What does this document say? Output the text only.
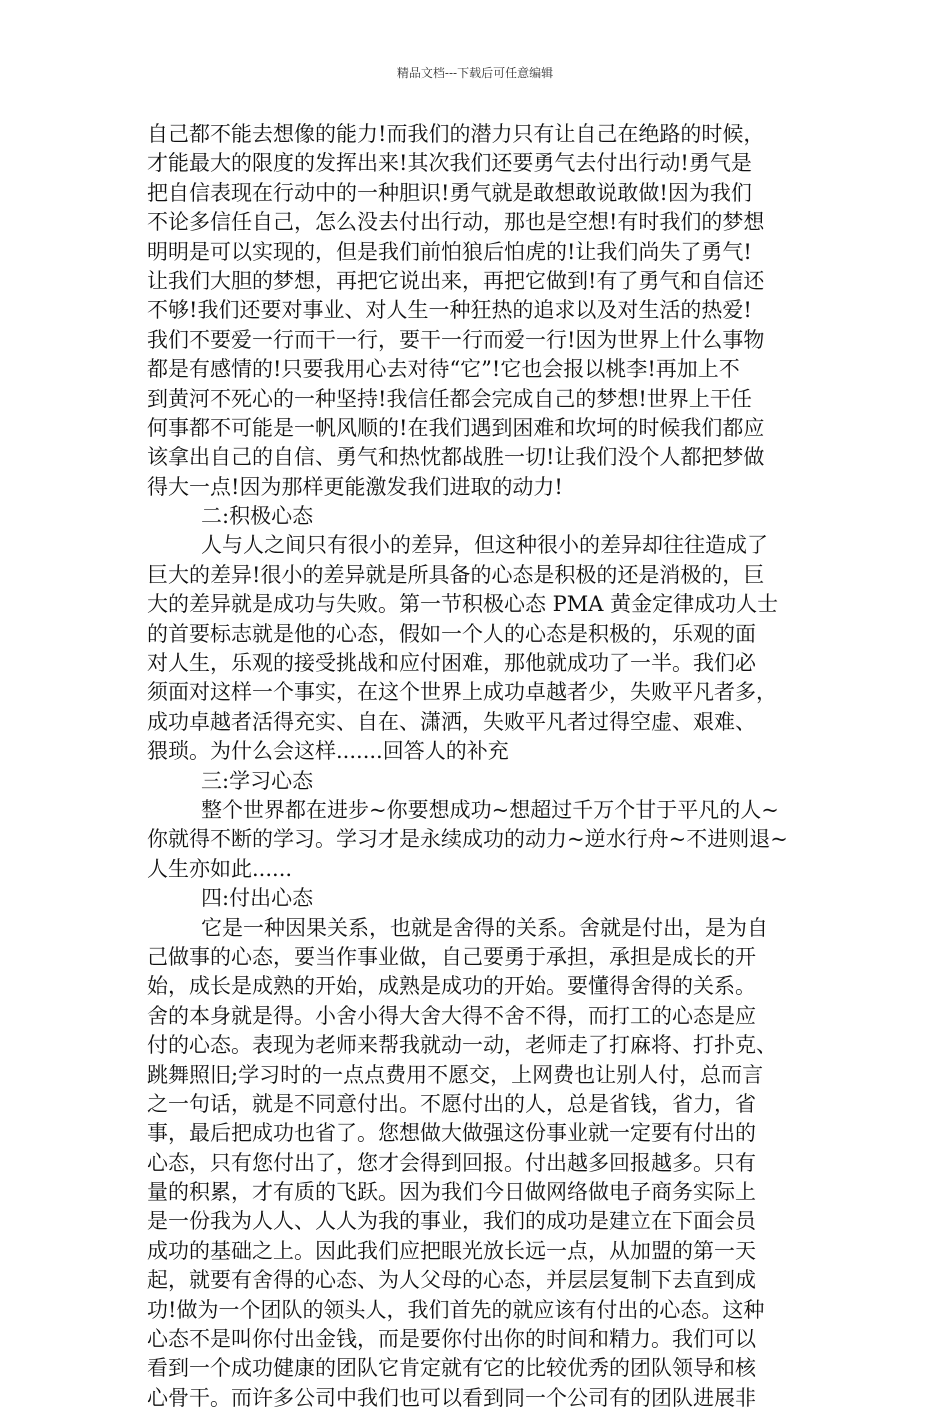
精品文档---下载后可任意编辑
自己都不能去想像的能力!而我们的潜力只有让自己在绝路的时候，
才能最大的限度的发挥出来!其次我们还要勇气去付出行动!勇气是
把自信表现在行动中的一种胆识!勇气就是敢想敢说敢做!因为我们
不论多信任自己，怎么没去付出行动，那也是空想!有时我们的梦想
明明是可以实现的，但是我们前怕狼后怕虎的!让我们尚失了勇气!
让我们大胆的梦想，再把它说出来，再把它做到!有了勇气和自信还
不够!我们还要对事业、对人生一种狂热的追求以及对生活的热爱!
我们不要爱一行而干一行，要干一行而爱一行!因为世界上什么事物
都是有感情的!只要我用心去对待“它”!它也会报以桃李!再加上不
到黄河不死心的一种坚持!我信任都会完成自己的梦想!世界上干任
何事都不可能是一帆风顺的!在我们遇到困难和坎坷的时候我们都应
该拿出自己的自信、勇气和热忱都战胜一切!让我们没个人都把梦做
得大一点!因为那样更能激发我们进取的动力!
二:积极心态
人与人之间只有很小的差异，但这种很小的差异却往往造成了
巨大的差异!很小的差异就是所具备的心态是积极的还是消极的，巨
大的差异就是成功与失败。第一节积极心态 PMA 黄金定律成功人士
的首要标志就是他的心态，假如一个人的心态是积极的，乐观的面
对人生，乐观的接受挑战和应付困难，那他就成功了一半。我们必
须面对这样一个事实，在这个世界上成功卓越者少，失败平凡者多，
成功卓越者活得充实、自在、潇洒，失败平凡者过得空虚、艰难、
猥琐。为什么会这样.......回答人的补充
三:学习心态
整个世界都在进步~你要想成功~想超过千万个甘于平凡的人~
你就得不断的学习。学习才是永续成功的动力~逆水行舟~不进则退~
人生亦如此......
四:付出心态
它是一种因果关系，也就是舍得的关系。舍就是付出，是为自
己做事的心态，要当作事业做，自己要勇于承担，承担是成长的开
始，成长是成熟的开始，成熟是成功的开始。要懂得舍得的关系。
舍的本身就是得。小舍小得大舍大得不舍不得，而打工的心态是应
付的心态。表现为老师来帮我就动一动，老师走了打麻将、打扑克、
跳舞照旧;学习时的一点点费用不愿交，上网费也让别人付，总而言
之一句话，就是不同意付出。不愿付出的人，总是省钱，省力，省
事，最后把成功也省了。您想做大做强这份事业就一定要有付出的
心态，只有您付出了，您才会得到回报。付出越多回报越多。只有
量的积累，才有质的飞跃。因为我们今日做网络做电子商务实际上
是一份我为人人、人人为我的事业，我们的成功是建立在下面会员
成功的基础之上。因此我们应把眼光放长远一点，从加盟的第一天
起，就要有舍得的心态、为人父母的心态，并层层复制下去直到成
功!做为一个团队的领头人，我们首先的就应该有付出的心态。这种
心态不是叫你付出金钱，而是要你付出你的时间和精力。我们可以
看到一个成功健康的团队它肯定就有它的比较优秀的团队领导和核
心骨干。而许多公司中我们也可以看到同一个公司有的团队进展非
